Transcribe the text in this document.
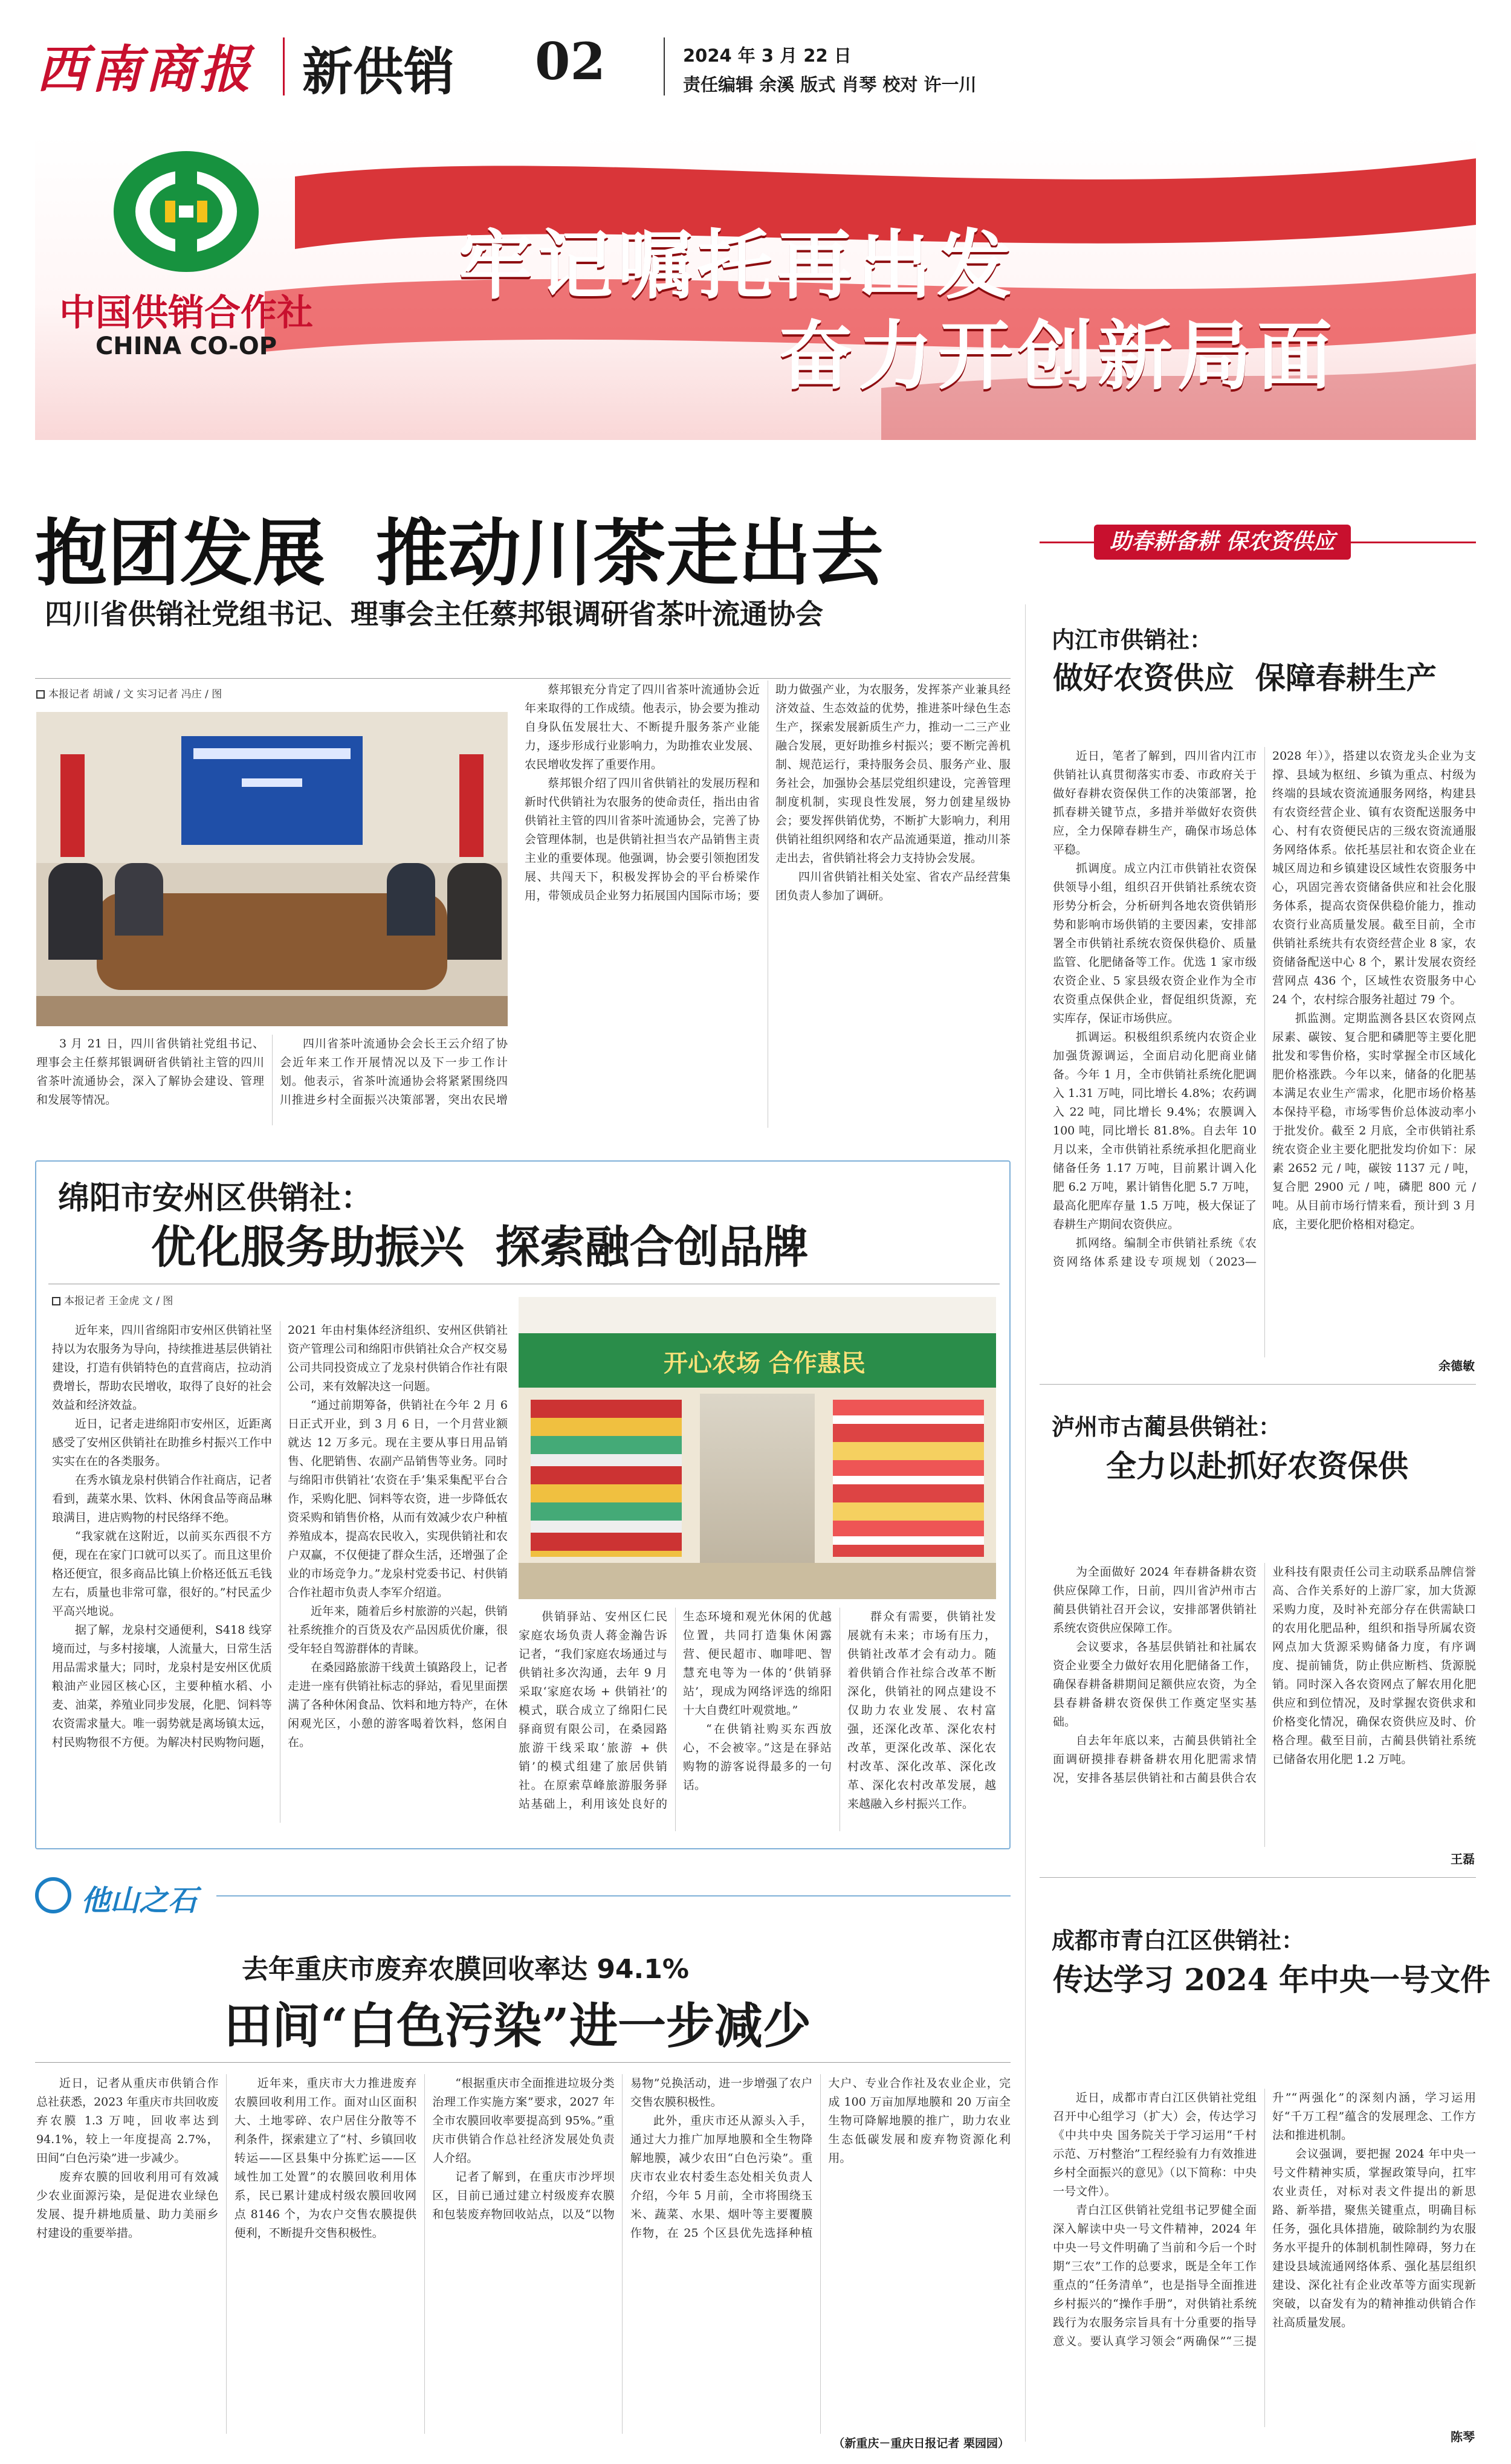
西南商报 新供销 02	2024 年 3 月 22 日
责任编辑 余溪 版式 肖琴 校对 许一川
中国供销合作社
CHINA CO-OP
牢记嘱托再出发
奋力开创新局面
抱团发展  推动川茶走出去
四川省供销社党组书记、理事会主任蔡邦银调研省茶叶流通协会
本报记者 胡诚 / 文 实习记者 冯庄 / 图

3 月 21 日，四川省供销社党组书记、理事会主任蔡邦银调研省供销社主管的四川省茶叶流通协会，深入了解协会建设、管理和发展等情况。

四川省茶叶流通协会会长王云介绍了协会近年来工作开展情况以及下一步工作计划。他表示，省茶叶流通协会将紧紧围绕四川推进乡村全面振兴决策部署，突出农民增

蔡邦银充分肯定了四川省茶叶流通协会近年来取得的工作成绩。他表示，协会要为推动自身队伍发展壮大、不断提升服务茶产业能力，逐步形成行业影响力，为助推农业发展、农民增收发挥了重要作用。

蔡邦银介绍了四川省供销社的发展历程和新时代供销社为农服务的使命责任，指出由省供销社主管的四川省茶叶流通协会，完善了协会管理体制，也是供销社担当农产品销售主责主业的重要体现。他强调，协会要引领抱团发展、共闯天下，积极发挥协会的平台桥梁作用，带领成员企业努力拓展国内国际市场；要助力做强产业，为农服务，发挥茶产业兼具经济效益、生态效益的优势，推进茶叶绿色生态生产，探索发展新质生产力，推动一二三产业融合发展，更好助推乡村振兴；要不断完善机制、规范运行，秉持服务会员、服务产业、服务社会，加强协会基层党组织建设，完善管理制度机制，实现良性发展，努力创建星级协会；要发挥供销优势，不断扩大影响力，利用供销社组织网络和农产品流通渠道，推动川茶走出去，省供销社将会力支持协会发展。

四川省供销社相关处室、省农产品经营集团负责人参加了调研。

助春耕备耕 保农资供应
内江市供销社：
做好农资供应  保障春耕生产

近日，笔者了解到，四川省内江市供销社认真贯彻落实市委、市政府关于做好春耕农资保供工作的决策部署，抢抓春耕关键节点，多措并举做好农资供应，全力保障春耕生产，确保市场总体平稳。

抓调度。成立内江市供销社农资保供领导小组，组织召开供销社系统农资形势分析会，分析研判各地农资供销形势和影响市场供销的主要因素，安排部署全市供销社系统农资保供稳价、质量监管、化肥储备等工作。优选 1 家市级农资企业、5 家县级农资企业作为全市农资重点保供企业，督促组织货源，充实库存，保证市场供应。

抓调运。积极组织系统内农资企业加强货源调运，全面启动化肥商业储备。今年 1 月，全市供销社系统化肥调入 1.31 万吨，同比增长 4.8%；农药调入 22 吨，同比增长 9.4%；农膜调入 100 吨，同比增长 81.8%。自去年 10 月以来，全市供销社系统承担化肥商业储备任务 1.17 万吨，目前累计调入化肥 6.2 万吨，累计销售化肥 5.7 万吨，最高化肥库存量 1.5 万吨，极大保证了春耕生产期间农资供应。

抓网络。编制全市供销社系统《农资网络体系建设专项规划（2023—2028 年）》，搭建以农资龙头企业为支撑、县域为枢纽、乡镇为重点、村级为终端的县域农资流通服务网络，构建县有农资经营企业、镇有农资配送服务中心、村有农资便民店的三级农资流通服务网络体系。依托基层社和农资企业在城区周边和乡镇建设区域性农资服务中心，巩固完善农资储备供应和社会化服务体系，提高农资保供稳价能力，推动农资行业高质量发展。截至目前，全市供销社系统共有农资经营企业 8 家，农资储备配送中心 8 个，累计发展农资经营网点 436 个，区域性农资服务中心 24 个，农村综合服务社超过 79 个。

抓监测。定期监测各县区农资网点尿素、碳铵、复合肥和磷肥等主要化肥批发和零售价格，实时掌握全市区域化肥价格涨跌。今年以来，储备的化肥基本满足农业生产需求，化肥市场价格基本保持平稳，市场零售价总体波动率小于批发价。截至 2 月底，全市供销社系统农资企业主要化肥批发均价如下：尿素 2652 元 / 吨，碳铵 1137 元 / 吨，复合肥 2900 元 / 吨，磷肥 800 元 / 吨。从目前市场行情来看，预计到 3 月底，主要化肥价格相对稳定。

余德敏
绵阳市安州区供销社：
优化服务助振兴  探索融合创品牌
本报记者 王金虎 文 / 图
开心农场 合作惠民

近年来，四川省绵阳市安州区供销社坚持以为农服务为导向，持续推进基层供销社建设，打造有供销特色的直营商店，拉动消费增长，帮助农民增收，取得了良好的社会效益和经济效益。

近日，记者走进绵阳市安州区，近距离感受了安州区供销社在助推乡村振兴工作中实实在在的各类服务。

在秀水镇龙泉村供销合作社商店，记者看到，蔬菜水果、饮料、休闲食品等商品琳琅满目，进店购物的村民络绎不绝。

“我家就在这附近，以前买东西很不方便，现在在家门口就可以买了。而且这里价格还便宜，很多商品比镇上价格还低五毛钱左右，质量也非常可靠，很好的。”村民孟少平高兴地说。

据了解，龙泉村交通便利，S418 线穿境而过，与多村接壤，人流量大，日常生活用品需求量大；同时，龙泉村是安州区优质粮油产业园区核心区，主要种植水稻、小麦、油菜，养殖业同步发展，化肥、饲料等农资需求量大。唯一弱势就是离场镇太远，村民购物很不方便。为解决村民购物问题，2021 年由村集体经济组织、安州区供销社资产管理公司和绵阳市供销社众合产权交易公司共同投资成立了龙泉村供销合作社有限公司，来有效解决这一问题。

“通过前期筹备，供销社在今年 2 月 6 日正式开业，到 3 月 6 日，一个月营业额就达 12 万多元。现在主要从事日用品销售、化肥销售、农副产品销售等业务。同时与绵阳市供销社‘农资在手’集采集配平台合作，采购化肥、饲料等农资，进一步降低农资采购和销售价格，从而有效减少农户种植养殖成本，提高农民收入，实现供销社和农户双赢，不仅便捷了群众生活，还增强了企业的市场竞争力。”龙泉村党委书记、村供销合作社超市负责人李军介绍道。

近年来，随着后乡村旅游的兴起，供销社系统推介的百货及农产品因质优价廉，很受年轻自驾游群体的青睐。

在桑园路旅游干线黄土镇路段上，记者走进一座有供销社标志的驿站，看见里面摆满了各种休闲食品、饮料和地方特产，在休闲观光区，小憩的游客喝着饮料，悠闲自在。

供销驿站、安州区仁民家庭农场负责人蒋金瀚告诉记者，“我们家庭农场通过与供销社多次沟通，去年 9 月采取‘家庭农场 + 供销社’的模式，联合成立了绵阳仁民驿商贸有限公司，在桑园路旅游干线采取‘旅游 + 供销’的模式组建了旅居供销社。在原索草峰旅游服务驿站基础上，利用该处良好的生态环境和观光休闲的优越位置，共同打造集休闲露营、便民超市、咖啡吧、智慧充电等为一体的‘供销驿站’，现成为网络评选的绵阳十大自费红叶观赏地。”

“在供销社购买东西放心，不会被宰。”这是在驿站购物的游客说得最多的一句话。

群众有需要，供销社发展就有未来；市场有压力，供销社改革才会有动力。随着供销合作社综合改革不断深化，供销社的网点建设不仅助力农业发展、农村富强，还深化改革、深化农村改革，更深化改革、深化农村改革、深化改革、深化改革、深化农村改革发展，越来越融入乡村振兴工作。

泸州市古蔺县供销社：
全力以赴抓好农资保供

为全面做好 2024 年春耕备耕农资供应保障工作，日前，四川省泸州市古蔺县供销社召开会议，安排部署供销社系统农资供应保障工作。

会议要求，各基层供销社和社属农资企业要全力做好农用化肥储备工作，确保春耕备耕期间足额供应农资，为全县春耕备耕农资保供工作奠定坚实基础。

自去年年底以来，古蔺县供销社全面调研摸排春耕备耕农用化肥需求情况，安排各基层供销社和古蔺县供合农业科技有限责任公司主动联系品牌信誉高、合作关系好的上游厂家，加大货源采购力度，及时补充部分存在供需缺口的农用化肥品种，组织和指导所属农资网点加大货源采购储备力度，有序调度、提前铺货，防止供应断档、货源脱销。同时深入各农资网点了解农用化肥供应和到位情况，及时掌握农资供求和价格变化情况，确保农资供应及时、价格合理。截至目前，古蔺县供销社系统已储备农用化肥 1.2 万吨。

王磊
成都市青白江区供销社：
传达学习 2024 年中央一号文件

近日，成都市青白江区供销社党组召开中心组学习（扩大）会，传达学习《中共中央 国务院关于学习运用“千村示范、万村整治”工程经验有力有效推进乡村全面振兴的意见》（以下简称：中央一号文件）。

青白江区供销社党组书记罗健全面深入解读中央一号文件精神，2024 年中央一号文件明确了当前和今后一个时期“三农”工作的总要求，既是全年工作重点的“任务清单”，也是指导全面推进乡村振兴的“操作手册”，对供销社系统践行为农服务宗旨具有十分重要的指导意义。要认真学习领会“两确保”“三提升”“两强化”的深刻内涵，学习运用好“千万工程”蕴含的发展理念、工作方法和推进机制。

会议强调，要把握 2024 年中央一号文件精神实质，掌握政策导向，扛牢农业责任，对标对表文件提出的新思路、新举措，聚焦关键重点，明确目标任务，强化具体措施，破除制约为农服务水平提升的体制机制性障碍，努力在建设县域流通网络体系、强化基层组织建设、深化社有企业改革等方面实现新突破，以奋发有为的精神推动供销合作社高质量发展。

陈琴
他山之石
去年重庆市废弃农膜回收率达 94.1%
田间“白色污染”进一步减少

近日，记者从重庆市供销合作总社获悉，2023 年重庆市共回收废弃农膜 1.3 万吨，回收率达到 94.1%，较上一年度提高 2.7%，田间“白色污染”进一步减少。

废弃农膜的回收利用可有效减少农业面源污染，是促进农业绿色发展、提升耕地质量、助力美丽乡村建设的重要举措。

近年来，重庆市大力推进废弃农膜回收利用工作。面对山区面积大、土地零碎、农户居住分散等不利条件，探索建立了“村、乡镇回收转运——区县集中分拣贮运——区域性加工处置”的农膜回收利用体系，民已累计建成村级农膜回收网点 8146 个，为农户交售农膜提供便利，不断提升交售积极性。

“根据重庆市全面推进垃圾分类治理工作实施方案”要求，2027 年全市农膜回收率要提高到 95%。”重庆市供销合作总社经济发展处负责人介绍。

记者了解到，在重庆市沙坪坝区，目前已通过建立村级废弃农膜和包装废弃物回收站点，以及“以物易物”兑换活动，进一步增强了农户交售农膜积极性。

此外，重庆市还从源头入手，通过大力推广加厚地膜和全生物降解地膜，减少农田“白色污染”。重庆市农业农村委生态处相关负责人介绍，今年 5 月前，全市将围绕玉米、蔬菜、水果、烟叶等主要覆膜作物，在 25 个区县优先选择种植大户、专业合作社及农业企业，完成 100 万亩加厚地膜和 20 万亩全生物可降解地膜的推广，助力农业生态低碳发展和废弃物资源化利用。

（新重庆－重庆日报记者 栗园园）
